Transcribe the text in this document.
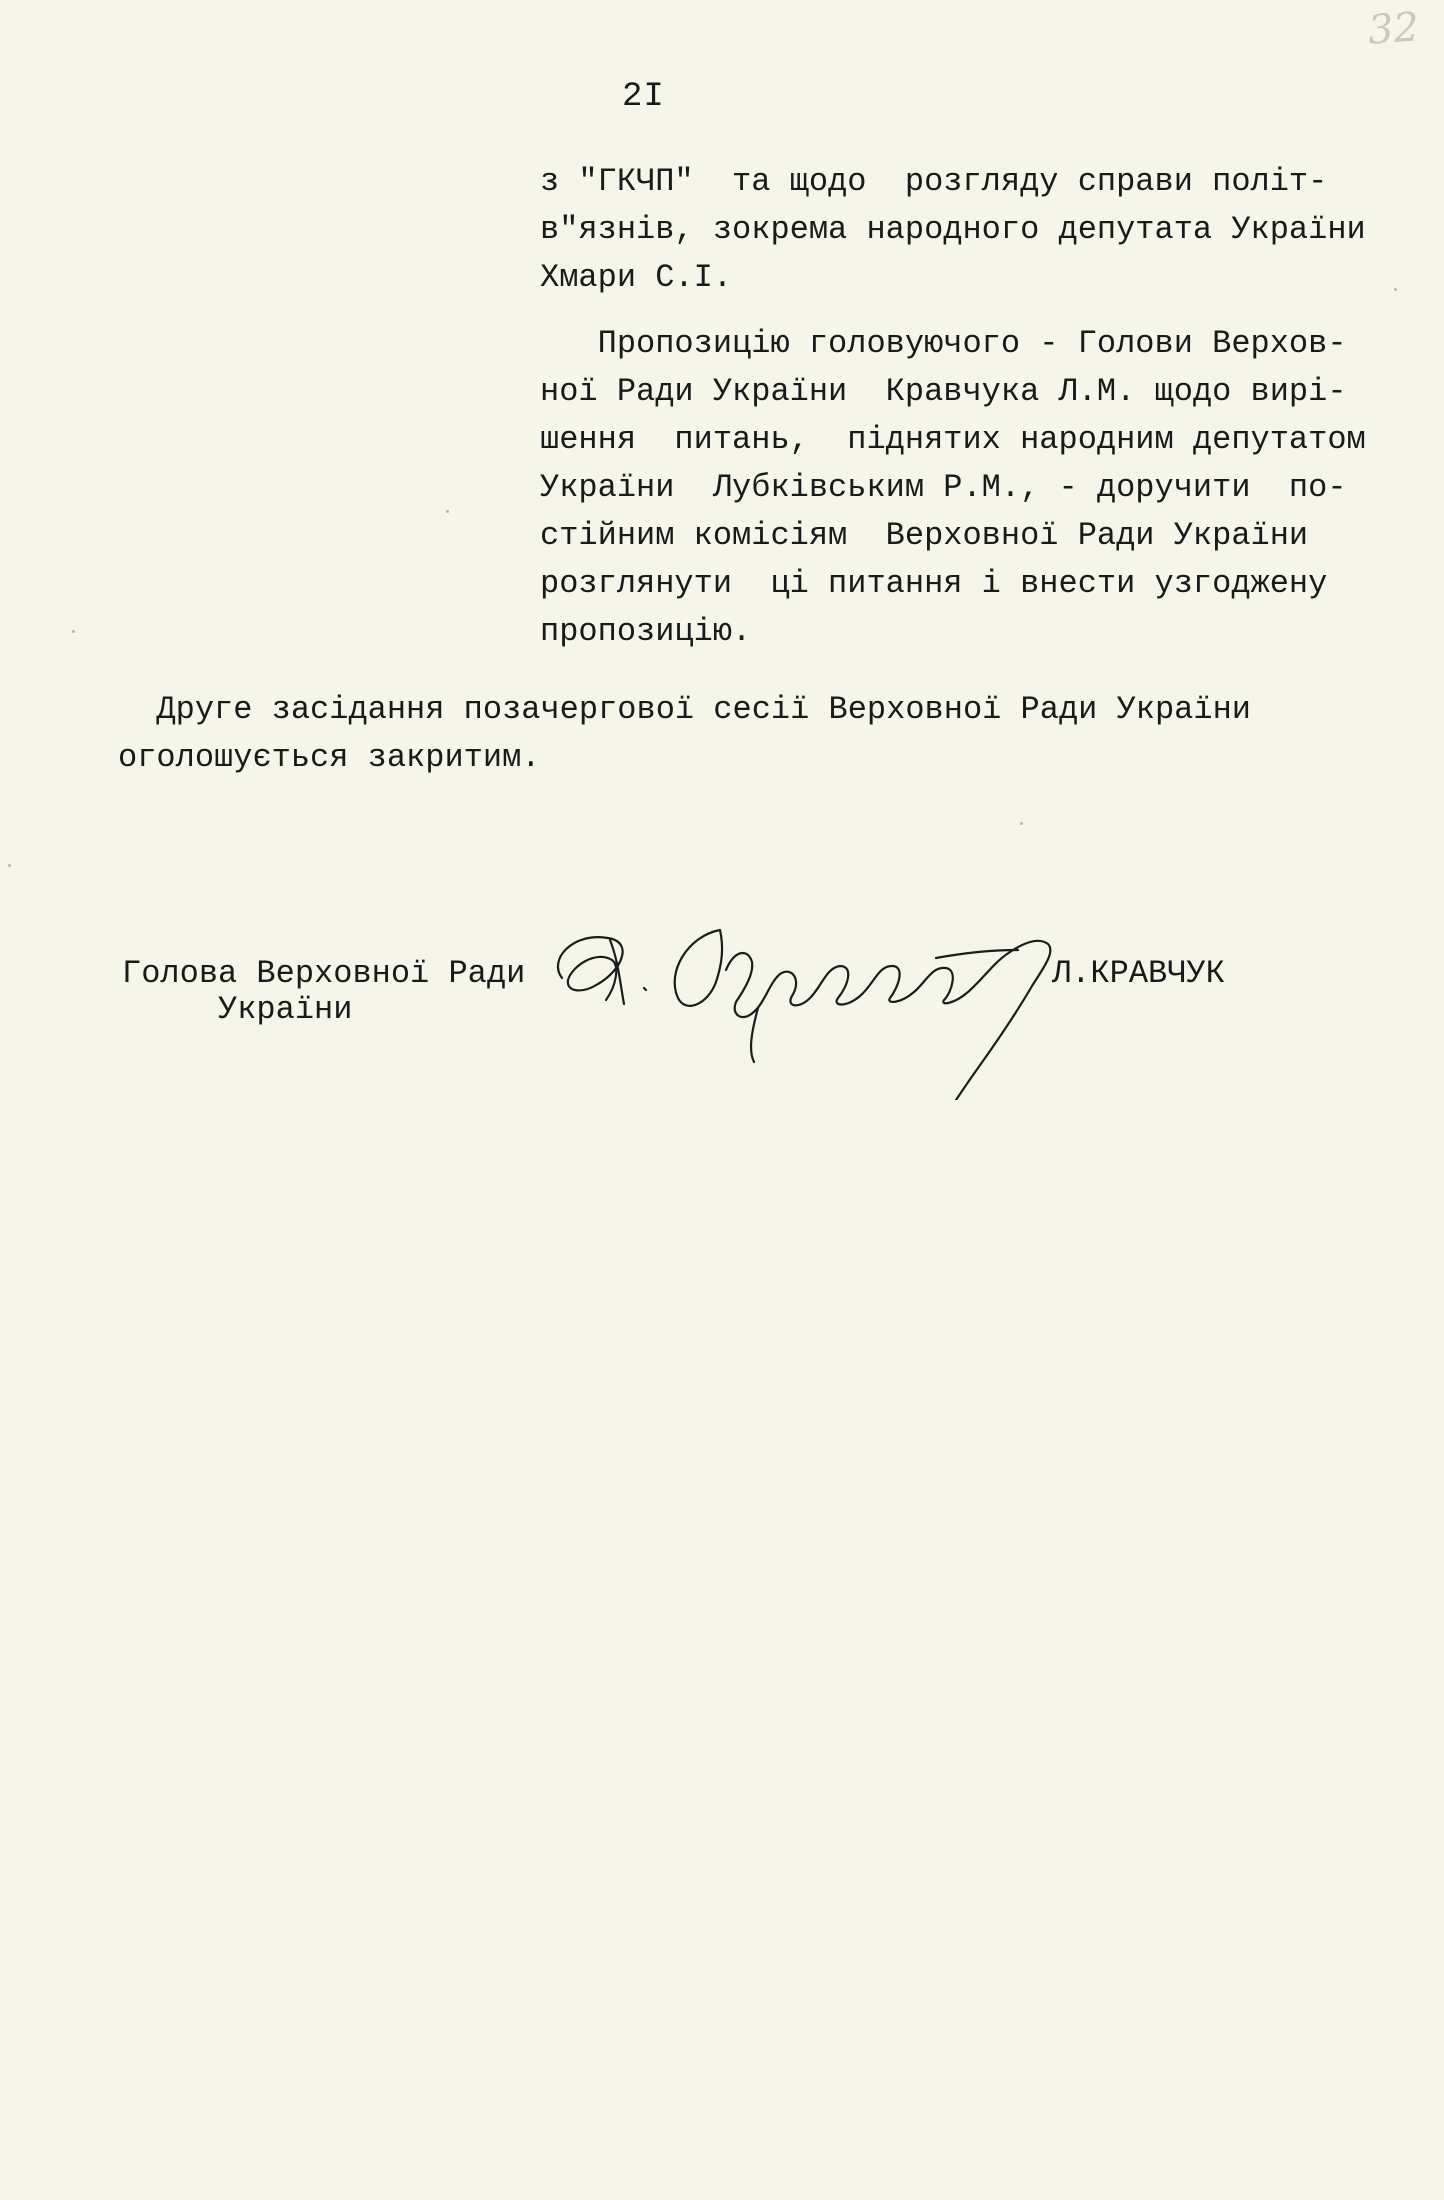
32
2I

з "ГКЧП"  та щодо  розгляду справи політ-

в"язнів, зокрема народного депутата України

Хмари С.І.

Пропозицію головуючого - Голови Верхов-

ної Ради України  Кравчука Л.М. щодо вирі-

шення  питань,  піднятих народним депутатом

України  Лубківським Р.М., - доручити  по-

стійним комісіям  Верховної Ради України

розглянути  ці питання і внести узгоджену

пропозицію.

Друге засідання позачергової сесії Верховної Ради України

оголошується закритим.

Голова Верховної Ради
України
Л.КРАВЧУК
